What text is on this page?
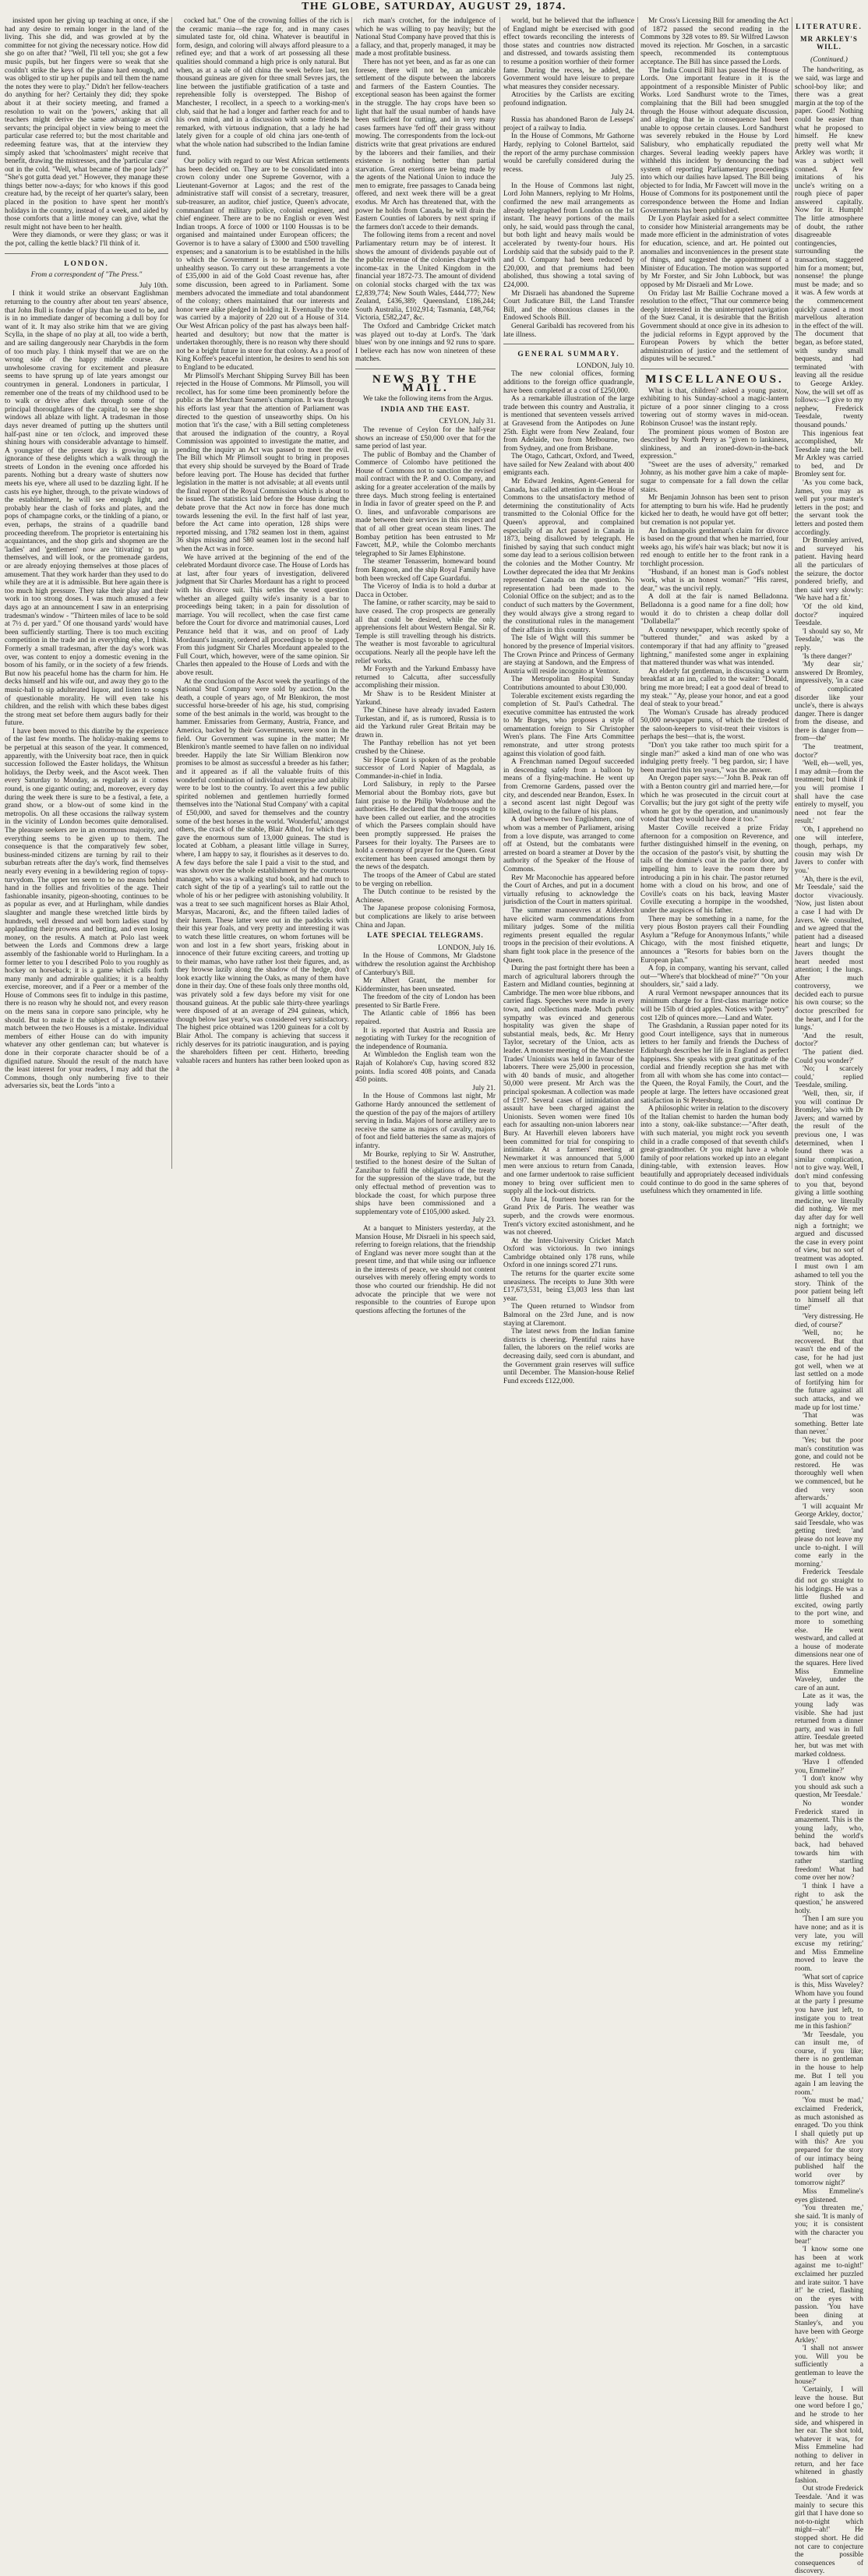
THE GLOBE, SATURDAY, AUGUST 29, 1874.

insisted upon her giving up teaching at once, if she had any desire to remain longer in the land of the living. This she did, and was growled at by the committee for not giving the necessary notice. How did she go on after that? "Well, I'll tell you; she got a few music pupils, but her fingers were so weak that she couldn't strike the keys of the piano hard enough, and was obliged to stir up her pupils and tell them the name the notes they were to play." Didn't her fellow-teachers do anything for her? Certainly they did; they spoke about it at their society meeting, and framed a resolution to wait on the 'powers,' asking that all teachers might derive the same advantage as civil servants; the principal object in view being to meet the particular case referred to; but the most charitable and redeeming feature was, that at the interview they simply asked that 'schoolmasters' might receive that benefit, drawing the mistresses, and the 'particular case' out in the cold. "Well, what became of the poor lady?" "She's got gutta dead yet." However, they manage these things better now-a-days; for who knows if this good creature had, by the receipt of her quarter's salary, been placed in the position to have spent her month's holidays in the country, instead of a week, and aided by those comforts that a little money can give, what the result might not have been to her health.

Were they diamonds, or were they glass; or was it the pot, calling the kettle black? I'll think of it.

LONDON.

From a correspondent of "The Press."

July 10th.

I think it would strike an observant Englishman returning to the country after about ten years' absence, that John Bull is fonder of play than he used to be, and is in no immediate danger of becoming a dull boy for want of it. It may also strike him that we are giving Scylla, in the shape of no play at all, too wide a berth, and are sailing dangerously near Charybdis in the form of too much play. I think myself that we are on the wrong side of the happy middle course. An unwholesome craving for excitement and pleasure seems to have sprung up of late years amongst our countrymen in general. Londoners in particular, I remember one of the treats of my childhood used to be to walk or drive after dark through some of the principal thoroughfares of the capital, to see the shop windows all ablaze with light. A tradesman in those days never dreamed of putting up the shutters until half-past nine or ten o'clock, and improved these shining hours with considerable advantage to himself. A youngster of the present day is growing up in ignorance of these delights which a walk through the streets of London in the evening once afforded his parents. Nothing but a dreary waste of shutters now meets his eye, where all used to be dazzling light. If he casts his eye higher, through, to the private windows of the establishment, he will see enough light, and probably hear the clash of forks and plates, and the pops of champagne corks, or the tinkling of a piano, or even, perhaps, the strains of a quadrille band proceeding therefrom. The proprietor is entertaining his acquaintances, and the shop girls and shopmen are the 'ladies' and 'gentlemen' now are 'titivating' to put themselves, and will look, or the promenade gardens, or are already enjoying themselves at those places of amusement. That they work harder than they used to do while they are at it is admissible. But here again there is too much high pressure. They take their play and their work in too strong doses. I was much amused a few days ago at an announcement I saw in an enterprising tradesman's window - "Thirteen miles of lace to be sold at 7½ d. per yard." Of one thousand yards' would have been sufficiently startling. There is too much exciting competition in the trade and in everything else, I think. Formerly a small tradesman, after the day's work was over, was content to enjoy a domestic evening in the bosom of his family, or in the society of a few friends. But now his peaceful home has the charm for him. He decks himself and his wife out, and away they go to the music-hall to sip adulterated liquor, and listen to songs of questionable morality. He will even take his children, and the relish with which these babes digest the strong meat set before them augurs badly for their future.

I have been moved to this diatribe by the experience of the last few months. The holiday-making seems to be perpetual at this season of the year. It commenced, apparently, with the University boat race, then in quick succession followed the Easter holidays, the Whitsun holidays, the Derby week, and the Ascot week. Then every Saturday to Monday, as regularly as it comes round, is one gigantic outing; and, moreover, every day during the week there is sure to be a festival, a fete, a grand show, or a blow-out of some kind in the metropolis. On all these occasions the railway system in the vicinity of London becomes quite demoralised. The pleasure seekers are in an enormous majority, and everything seems to be given up to them. The consequence is that the comparatively few sober, business-minded citizens are turning by rail to their suburban retreats after the day's work, find themselves nearly every evening in a bewildering region of topsy-turvydom. The upper ten seem to be no means behind hand in the follies and frivolities of the age. Their fashionable insanity, pigeon-shooting, continues to be as popular as ever, and at Hurlingham, while dandies slaughter and mangle these wretched little birds by hundreds, well dressed and well born ladies stand by applauding their prowess and betting, and even losing money, on the results. A match at Polo last week between the Lords and Commons drew a large assembly of the fashionable world to Hurlingham. In a former letter to you I described Polo to you roughly as hockey on horseback; it is a game which calls forth many manly and admirable qualities; it is a healthy exercise, moreover, and if a Peer or a member of the House of Commons sees fit to indulge in this pastime, there is no reason why he should not, and every reason on the mens sana in corpore sano principle, why he should. But to make it the subject of a representative match between the two Houses is a mistake. Individual members of either House can do with impunity whatever any other gentleman can; but whatever is done in their corporate character should be of a dignified nature. Should the result of the match have the least interest for your readers, I may add that the Commons, though only numbering five to their adversaries six, beat the Lords "into a

cocked hat." One of the crowning follies of the rich is the ceramic mania—the rage for, and in many cases simulated taste for, old china. Whatever is beautiful in form, design, and coloring will always afford pleasure to a refined eye; and that a work of art possessing all these qualities should command a high price is only natural. But when, as at a sale of old china the week before last, ten thousand guineas are given for three small Sevres jars, the line between the justifiable gratification of a taste and reprehensible folly is overstepped. The Bishop of Manchester, I recollect, in a speech to a working-men's club, said that he had a longer and farther reach for and to his own mind, and in a discussion with some friends he remarked, with virtuous indignation, that a lady he had lately given for a couple of old china jars one-tenth of what the whole nation had subscribed to the Indian famine fund.

Our policy with regard to our West African settlements has been decided on. They are to be consolidated into a crown colony under one Supreme Governor, with a Lieutenant-Governor at Lagos; and the rest of the administrative staff will consist of a secretary, treasurer, sub-treasurer, an auditor, chief justice, Queen's advocate, commandant of military police, colonial engineer, and chief engineer. There are to be no English or even West Indian troops. A force of 1000 or 1100 Houssas is to be organised and maintained under European officers; the Governor is to have a salary of £3000 and £500 travelling expenses; and a sanatorium is to be established in the hills to which the Government is to be transferred in the unhealthy season. To carry out these arrangements a vote of £35,000 in aid of the Gold Coast revenue has, after some discussion, been agreed to in Parliament. Some members advocated the immediate and total abandonment of the colony; others maintained that our interests and honor were alike pledged in holding it. Eventually the vote was carried by a majority of 220 out of a House of 314. Our West African policy of the past has always been half-hearted and desultory; but now that the matter is undertaken thoroughly, there is no reason why there should not be a bright future in store for that colony. As a proof of King Koffee's peaceful intention, he desires to send his son to England to be educated.

Mr Plimsoll's Merchant Shipping Survey Bill has been rejected in the House of Commons. Mr Plimsoll, you will recollect, has for some time been prominently before the public as the Merchant Seamen's champion. It was through his efforts last year that the attention of Parliament was directed to the question of unseaworthy ships. On his motion that 'it's the case,' with a Bill setting completeness that aroused the indignation of the country, a Royal Commission was appointed to investigate the matter, and pending the inquiry an Act was passed to meet the evil. The Bill which Mr Plimsoll sought to bring in proposes that every ship should be surveyed by the Board of Trade before leaving port. The House has decided that further legislation in the matter is not advisable; at all events until the final report of the Royal Commission which is about to be issued. The statistics laid before the House during the debate prove that the Act now in force has done much towards lessening the evil. In the first half of last year, before the Act came into operation, 128 ships were reported missing, and 1782 seamen lost in them, against 36 ships missing and 580 seamen lost in the second half when the Act was in force.

We have arrived at the beginning of the end of the celebrated Mordaunt divorce case. The House of Lords has at last, after four years of investigation, delivered judgment that Sir Charles Mordaunt has a right to proceed with his divorce suit. This settles the vexed question whether an alleged guilty wife's insanity is a bar to proceedings being taken; in a pain for dissolution of marriage. You will recollect, when the case first came before the Court for divorce and matrimonial causes, Lord Penzance held that it was, and on proof of Lady Mordaunt's insanity, ordered all proceedings to be stopped. From this judgment Sir Charles Mordaunt appealed to the Full Court, which, however, were of the same opinion. Sir Charles then appealed to the House of Lords and with the above result.

At the conclusion of the Ascot week the yearlings of the National Stud Company were sold by auction. On the death, a couple of years ago, of Mr Blenkiron, the most successful horse-breeder of his age, his stud, comprising some of the best animals in the world, was brought to the hammer. Emissaries from Germany, Austria, France, and America, backed by their Governments, were soon in the field. Our Government was supine in the matter; Mr Blenkiron's mantle seemed to have fallen on no individual breeder. Happily the late Sir William Blenkiron now promises to be almost as successful a breeder as his father; and it appeared as if all the valuable fruits of this wonderful combination of individual enterprise and ability were to be lost to the country. To avert this a few public spirited noblemen and gentlemen hurriedly formed themselves into the 'National Stud Company' with a capital of £50,000, and saved for themselves and the country some of the best horses in the world. 'Wonderful,' amongst others, the crack of the stable, Blair Athol, for which they gave the enormous sum of 13,000 guineas. The stud is located at Cobham, a pleasant little village in Surrey, where, I am happy to say, it flourishes as it deserves to do. A few days before the sale I paid a visit to the stud, and was shown over the whole establishment by the courteous manager, who was a walking stud book, and had much to catch sight of the tip of a yearling's tail to rattle out the whole of his or her pedigree with astonishing volubility. It was a treat to see such magnificent horses as Blair Athol, Marsyas, Macaroni, &c, and the fifteen tailed ladies of their harem. These latter were out in the paddocks with their this year foals, and very pretty and interesting it was to watch these little creatures, on whom fortunes will be won and lost in a few short years, frisking about in innocence of their future exciting careers, and trotting up to their mamas, who have rather lost their figures, and, as they browse lazily along the shadow of the hedge, don't look exactly like winning the Oaks, as many of them have done in their day. One of these foals only three months old, was privately sold a few days before my visit for one thousand guineas. At the public sale thirty-three yearlings were disposed of at an average of 294 guineas, which, though below last year's, was considered very satisfactory. The highest price obtained was 1200 guineas for a colt by Blair Athol. The company is achieving that success it richly deserves for its patriotic inauguration, and is paying the shareholders fifteen per cent. Hitherto, breeding valuable racers and hunters has rather been looked upon as a

rich man's crotchet, for the indulgence of which he was willing to pay heavily; but the National Stud Company have proved that this is a fallacy, and that, properly managed, it may be made a most profitable business.

There has not yet been, and as far as one can foresee, there will not be, an amicable settlement of the dispute between the laborers and farmers of the Eastern Counties. The exceptional season has been against the former in the struggle. The hay crops have been so light that half the usual number of hands have been sufficient for cutting, and in very many cases farmers have 'fed off' their grass without mowing. The correspondents from the lock-out districts write that great privations are endured by the laborers and their families, and their existence is nothing better than partial starvation. Great exertions are being made by the agents of the National Union to induce the men to emigrate, free passages to Canada being offered, and next week there will be a great exodus. Mr Arch has threatened that, with the power he holds from Canada, he will drain the Eastern Counties of laborers by next spring if the farmers don't accede to their demands.

The following items from a recent and novel Parliamentary return may be of interest. It shows the amount of dividends payable out of the public revenue of the colonies charged with income-tax in the United Kingdom in the financial year 1872-73. The amount of dividend on colonial stocks charged with the tax was £2,839,774; New South Wales, £444,777; New Zealand, £436,389; Queensland, £186,244; South Australia, £102,914; Tasmania, £48,764; Victoria, £582,247, &c.

The Oxford and Cambridge Cricket match was played out to-day at Lord's. The 'dark blues' won by one innings and 92 runs to spare. I believe each has now won nineteen of these matches.

NEWS BY THE MAIL.

We take the following items from the Argus.

INDIA AND THE EAST.

CEYLON, July 31.

The revenue of Ceylon for the half-year shows an increase of £50,000 over that for the same period of last year.

The public of Bombay and the Chamber of Commerce of Colombo have petitioned the House of Commons not to sanction the revised mail contract with the P. and O. Company, and asking for a greater acceleration of the mails by three days. Much strong feeling is entertained in India in favor of greater speed on the P. and O. lines, and unfavorable comparisons are made between their services in this respect and that of all other great ocean steam lines. The Bombay petition has been entrusted to Mr Fawcett, M.P., while the Colombo merchants telegraphed to Sir James Elphinstone.

The steamer Tenasserim, homeward bound from Rangoon, and the ship Royal Family have both been wrecked off Cape Guardafui.

The Viceroy of India is to hold a durbar at Dacca in October.

The famine, or rather scarcity, may be said to have ceased. The crop prospects are generally all that could be desired, while the only apprehensions felt about Western Bengal. Sir R. Temple is still travelling through his districts. The weather is most favorable to agricultural occupations. Nearly all the people have left the relief works.

Mr Forsyth and the Yarkund Embassy have returned to Calcutta, after successfully accomplishing their mission.

Mr Shaw is to be Resident Minister at Yarkund.

The Chinese have already invaded Eastern Turkestan, and if, as is rumored, Russia is to aid the Yarkund ruler Great Britain may be drawn in.

The Panthay rebellion has not yet been crushed by the Chinese.

Sir Hope Grant is spoken of as the probable successor of Lord Napier of Magdala, as Commander-in-chief in India.

Lord Salisbury, in reply to the Parsee Memorial about the Bombay riots, gave but faint praise to the Philip Wodehouse and the authorities. He declared that the troops ought to have been called out earlier, and the atrocities of which the Parsees complain should have been promptly suppressed. He praises the Parsees for their loyalty. The Parsees are to hold a ceremony of prayer for the Queen. Great excitement has been caused amongst them by the news of the despatch.

The troops of the Ameer of Cabul are stated to be verging on rebellion.

The Dutch continue to be resisted by the Achinese.

The Japanese propose colonising Formosa, but complications are likely to arise between China and Japan.

LATE SPECIAL TELEGRAMS.

LONDON, July 16.

In the House of Commons, Mr Gladstone withdrew the resolution against the Archbishop of Canterbury's Bill.

Mr Albert Grant, the member for Kidderminster, has been unseated.

The freedom of the city of London has been presented to Sir Bartle Frere.

The Atlantic cable of 1866 has been repaired.

It is reported that Austria and Russia are negotiating with Turkey for the recognition of the independence of Roumania.

At Wimbledon the English team won the Rajah of Kolahore's Cup, having scored 832 points. India scored 408 points, and Canada 450 points.

July 21.

In the House of Commons last night, Mr Gathorne Hardy announced the settlement of the question of the pay of the majors of artillery serving in India. Majors of horse artillery are to receive the same as majors of cavalry, majors of foot and field batteries the same as majors of infantry.

Mr Bourke, replying to Sir W. Anstruther, testified to the honest desire of the Sultan of Zanzibar to fulfil the obligations of the treaty for the suppression of the slave trade, but the only effectual method of prevention was to blockade the coast, for which purpose three ships have been commissioned and a supplementary vote of £105,000 asked.

July 23.

At a banquet to Ministers yesterday, at the Mansion House, Mr Disraeli in his speech said, referring to foreign relations, that the friendship of England was never more sought than at the present time, and that while using our influence in the interests of peace, we should not content ourselves with merely offering empty words to those who courted our friendship. He did not advocate the principle that we were not responsible to the countries of Europe upon questions affecting the fortunes of the

world, but he believed that the influence of England might be exercised with good effect towards reconciling the interests of those states and countries now distracted and distressed, and towards assisting them to resume a position worthier of their former fame. During the recess, he added, the Government would have leisure to prepare what measures they consider necessary.

Atrocities by the Carlists are exciting profound indignation.

July 24.

Russia has abandoned Baron de Lesseps' project of a railway to India.

In the House of Commons, Mr Gathorne Hardy, replying to Colonel Barttelot, said the report of the army purchase commission would be carefully considered during the recess.

July 25.

In the House of Commons last night, Lord John Manners, replying to Mr Holms, confirmed the new mail arrangements as already telegraphed from London on the 1st instant. The heavy portions of the mails only, he said, would pass through the canal, but both light and heavy mails would be accelerated by twenty-four hours. His Lordship said that the subsidy paid to the P. and O. Company had been reduced by £20,000, and that premiums had been abolished, thus showing a total saving of £24,000.

Mr Disraeli has abandoned the Supreme Court Judicature Bill, the Land Transfer Bill, and the obnoxious clauses in the Endowed Schools Bill.

General Garibaldi has recovered from his late illness.

GENERAL SUMMARY.

LONDON, July 10.

The new colonial offices, forming additions to the foreign office quadrangle, have been completed at a cost of £250,000.

As a remarkable illustration of the large trade between this country and Australia, it is mentioned that seventeen vessels arrived at Gravesend from the Antipodes on June 25th. Eight were from New Zealand, four from Adelaide, two from Melbourne, two from Sydney, and one from Brisbane.

The Otago, Cathcart, Oxford, and Tweed, have sailed for New Zealand with about 400 emigrants each.

Mr Edward Jenkins, Agent-General for Canada, has called attention in the House of Commons to the unsatisfactory method of determining the constitutionality of Acts transmitted to the Colonial Office for the Queen's approval, and complained especially of an Act passed in Canada in 1873, being disallowed by telegraph. He finished by saying that such conduct might some day lead to a serious collision between the colonies and the Mother Country. Mr Lowther deprecated the idea that Mr Jenkins represented Canada on the question. No representation had been made to the Colonial Office on the subject; and as to the conduct of such matters by the Government, they would always give a strong regard to the constitutional rules in the management of their affairs in this country.

The Isle of Wight will this summer be honored by the presence of Imperial visitors. The Crown Prince and Princess of Germany are staying at Sandown, and the Empress of Austria will reside incognito at Ventnor.

The Metropolitan Hospital Sunday Contributions amounted to about £30,000.

Tolerable excitement exists regarding the completion of St. Paul's Cathedral. The executive committee has entrusted the work to Mr Burges, who proposes a style of ornamentation foreign to Sir Christopher Wren's plans. The Fine Arts Committee remonstrate, and utter strong protests against this violation of good faith.

A Frenchman named Degouf succeeded in descending safely from a balloon by means of a flying-machine. He went up from Cremorne Gardens, passed over the city, and descended near Brandon, Essex. In a second ascent last night Degouf was killed, owing to the failure of his plans.

A duel between two Englishmen, one of whom was a member of Parliament, arising from a love dispute, was arranged to come off at Ostend, but the combatants were arrested on board a steamer at Dover by the authority of the Speaker of the House of Commons.

Rev Mr Maconochie has appeared before the Court of Arches, and put in a document virtually refusing to acknowledge the jurisdiction of the Court in matters spiritual.

The summer manoeuvres at Aldershot have elicited warm commendations from military judges. Some of the militia regiments present equalled the regular troops in the precision of their evolutions. A sham fight took place in the presence of the Queen.

During the past fortnight there has been a march of agricultural laborers through the Eastern and Midland counties, beginning at Cambridge. The men wore blue ribbons, and carried flags. Speeches were made in every town, and collections made. Much public sympathy was evinced and generous hospitality was given the shape of substantial meals, beds, &c. Mr Henry Taylor, secretary of the Union, acts as leader. A monster meeting of the Manchester Trades' Unionists was held in favour of the laborers. There were 25,000 in procession, with 40 bands of music, and altogether 50,000 were present. Mr Arch was the principal spokesman. A collection was made of £197. Several cases of intimidation and assault have been charged against the Unionists. Seven women were fined 10s each for assaulting non-union laborers near Bury. At Haverhill eleven laborers have been committed for trial for conspiring to intimidate. At a farmers' meeting at Newmarket it was announced that 5,000 men were anxious to return from Canada, and one farmer undertook to raise sufficient money to bring over sufficient men to supply all the lock-out districts.

On June 14, fourteen horses ran for the Grand Prix de Paris. The weather was superb, and the crowds were enormous. Trent's victory excited astonishment, and he was not cheered.

At the Inter-University Cricket Match Oxford was victorious. In two innings Cambridge obtained only 178 runs, while Oxford in one innings scored 271 runs.

The returns for the quarter excite some uneasiness. The receipts to June 30th were £17,673,531, being £3,003 less than last year.

The Queen returned to Windsor from Balmoral on the 23rd June, and is now staying at Claremont.

The latest news from the Indian famine districts is cheering. Plentiful rains have fallen, the laborers on the relief works are decreasing daily, seed corn is abundant, and the Government grain reserves will suffice until December. The Mansion-house Relief Fund exceeds £122,000.

Mr Cross's Licensing Bill for amending the Act of 1872 passed the second reading in the Commons by 328 votes to 89. Sir Wilfred Lawson moved its rejection. Mr Goschen, in a sarcastic speech, recommended its contemptuous acceptance. The Bill has since passed the Lords.

The India Council Bill has passed the House of Lords. One important feature in it is the appointment of a responsible Minister of Public Works. Lord Sandhurst wrote to the Times, complaining that the Bill had been smuggled through the House without adequate discussion, and alleging that he in consequence had been unable to oppose certain clauses. Lord Sandhurst was severely rebuked in the House by Lord Salisbury, who emphatically repudiated the charges. Several leading weekly papers have withheld this incident by denouncing the bad system of reporting Parliamentary proceedings into which our dailies have lapsed. The Bill being objected to for India, Mr Fawcett will move in the House of Commons for its postponement until the correspondence between the Home and Indian Governments has been published.

Dr Lyon Playfair asked for a select committee to consider how Ministerial arrangements may be made more efficient in the administration of votes for education, science, and art. He pointed out anomalies and inconveniences in the present state of things, and suggested the appointment of a Minister of Education. The motion was supported by Mr Forster, and Sir John Lubbock, but was opposed by Mr Disraeli and Mr Lowe.

On Friday last Mr Baillie Cochrane moved a resolution to the effect, "That our commerce being deeply interested in the uninterrupted navigation of the Suez Canal, it is desirable that the British Government should at once give in its adhesion to the judicial reforms in Egypt approved by the European Powers by which the better administration of justice and the settlement of disputes will be secured."

MISCELLANEOUS.

What is that, children? asked a young pastor, exhibiting to his Sunday-school a magic-lantern picture of a poor sinner clinging to a cross towering out of stormy waves in mid-ocean. Robinson Crusoe! was the instant reply.

The prominent pious women of Boston are described by North Perry as "given to lankiness, slinkiness, and an ironed-down-in-the-back expression."

"Sweet are the uses of adversity," remarked Johnny, as his mother gave him a cake of maple-sugar to compensate for a fall down the cellar stairs.

Mr Benjamin Johnson has been sent to prison for attempting to burn his wife. Had he prudently kicked her to death, he would have got off better; but cremation is not popular yet.

An Indianapolis gentleman's claim for divorce is based on the ground that when he married, four weeks ago, his wife's hair was black; but now it is red enough to entitle her to the front rank in a torchlight procession.

"Husband, if an honest man is God's noblest work, what is an honest woman?" "His rarest, dear," was the uncivil reply.

A doll at the fair is named Belladonna. Belladonna is a good name for a fine doll; how would it do to christen a cheap dollar doll "Dollabella?"

A country newspaper, which recently spoke of "buttered thunder," and was asked by a contemporary if that had any affinity to "greased lightning," manifested some anger in explaining that mattered thunder was what was intended.

An elderly fat gentleman, in discussing a warm breakfast at an inn, called to the waiter: "Donald, bring me more bread; I eat a good deal of bread to my steak." "Ay, please your honor, and eat a good deal of steak to your bread."

The Woman's Crusade has already produced 50,000 newspaper puns, of which the tiredest of the saloon-keepers to visit-treat their visitors is perhaps the best—that is, the worst.

"Don't you take rather too much spirit for a single man?" asked a kind man of one who was indulging pretty freely. "I beg pardon, sir; I have been married this ten years," was the answer.

An Oregon paper says:—"John B. Peak ran off with a Benton country girl and married here,—for which he was prosecuted in the circuit court at Corvallis; but the jury got sight of the pretty wife whom he got by the operation, and unanimously voted that they would have done it too."

Master Coville received a prize Friday afternoon for a composition on Reverence, and further distinguished himself in the evening, on the occasion of the pastor's visit, by shutting the tails of the domine's coat in the parlor door, and impelling him to leave the room there by introducing a pin in his chair. The pastor returned home with a cloud on his brow, and one of Coville's coats on his back, leaving Master Coville executing a hornpipe in the woodshed, under the auspices of his father.

There may be something in a name, for the very pious Boston prayers call their Foundling Asylum a "Refuge for Anonymous Infants," while Chicago, with the most finished etiquette, announces a "Resorts for babies born on the European plan."

A fop, in company, wanting his servant, called out—"Where's that blockhead of mine?" "On your shoulders, sir," said a lady.

A rural Vermont newspaper announces that its minimum charge for a first-class marriage notice will be 15lb of dried apples. Notices with "poetry" cost 12lb of quinces more.—Land and Water.

The Grashdanin, a Russian paper noted for its good Court intelligence, says that in numerous letters to her family and friends the Duchess of Edinburgh describes her life in England as perfect happiness. She speaks with great gratitude of the cordial and friendly reception she has met with from all with whom she has come into contact—the Queen, the Royal Family, the Court, and the people at large. The letters have occasioned great satisfaction in St Petersburg.

A philosophic writer in relation to the discovery of the Italian chemist to harden the human body into a stony, oak-like substance:—"After death, with such material, you might rock you seventh child in a cradle composed of that seventh child's great-grandmother. Or you might have a whole family of poor relations worked up into an elegant dining-table, with extension leaves. How beautifully and appropriately deceased individuals could continue to do good in the same spheres of usefulness which they ornamented in life.

LITERATURE.
MR ARKLEY'S WILL.

(Continued.)

The handwriting, as we said, was large and school-boy like; and there was a great margin at the top of the paper. Good! Nothing could be easier than what he proposed to himself. He knew pretty well what Mr Arkley was worth; it was a subject well conned. A few imitations of his uncle's writing on a rough piece of paper answered capitally. Now for it. Humph! The little atmosphere of doubt, the rather disagreeable contingencies, surrounding the transaction, staggered him for a moment; but, nonsense! the plunge must be made; and so it was. A few words at the commencement quickly caused a most marvellous alteration in the effect of the will. The document that began, as before stated, with sundry small bequests, and had terminated 'with leaving all the residue to George Arkley. Now, the will set off as follows:—'I give to my nephew, Frederick Teesdale, twenty thousand pounds.'

This ingenious feat accomplished, Mr Teesdale rang the bell. Mr Arkley was carried to bed, and Dr Bromley sent for.

'As you come back, James, you may as well put your master's letters in the post; and the servant took the letters and posted them accordingly.

Dr Bromley arrived, and surveyed his patient. Having heard all the particulars of the seizure, the doctor pondered briefly, and then said very slowly: 'We have had a fit.'

'Of the old kind, doctor?' inquired Teesdale.

'I should say so, Mr Teesdale,' was the reply.

'Is there danger?'

'My dear sir,' answered Dr Bromley, impressively, 'in a case of complicated disorder like your uncle's, there is always danger. There is danger from the disease, and there is danger from—from—the'

'The treatment, doctor?'

'Well, eh—well, yes, I may admit—from the treatment; but I think if you will promise I shall have the case entirely to myself, you need not fear the result.'

'Oh, I apprehend no one will interfere, though, perhaps, my cousin may wish Dr Javers to confer with you.'

'Ah, there is the evil, Mr Teesdale,' said the doctor vivaciously. 'Now, just listen about a case I had with Dr Javers. We consulted, and we agreed that the patient had a diseased heart and lungs; Dr Javers thought the heart needed most attention; I the lungs. After much controversy, we decided each to pursue his own course; so the doctor prescribed for the heart, and I for the lungs.'

'And the result, doctor?'

'The patient died. Could you wonder?'

'No; I scarcely could,' replied Teesdale, smiling.

'Well, then, sir, if you will continue Dr Bromley, 'also with Dr Javers; and warned by the result of the previous one, I was determined, when I found there was a similar complication, not to give way. Well, I don't mind confessing to you that, beyond giving a little soothing medicine, we literally did nothing. We met day after day for well nigh a fortnight; we argued and discussed the case in every point of view, but no sort of treatment was adopted. I must own I am ashamed to tell you the story. Think of the poor patient being left to himself all that time!'

'Very distressing. He died, of course?'

'Well, no; he recovered. But that wasn't the end of the case, for he had just got well, when we at last settled on a mode of fortifying him for the future against all such attacks, and we made up for lost time.'

'That was something. Better late than never.'

'Yes; but the poor man's constitution was gone, and could not be restored. He was thoroughly well when we commenced, but he died very soon afterwards.'

'I will acquaint Mr George Arkley, doctor,' said Teesdale, who was getting tired; 'and please do not leave my uncle to-night. I will come early in the morning.'

Frederick Teesdale did not go straight to his lodgings. He was a little flushed and excited, owing partly to the port wine, and more to something else. He went westward, and called at a house of moderate dimensions near one of the squares. Here lived Miss Emmeline Waveley, under the care of an aunt.

Late as it was, the young lady was visible. She had just returned from a dinner party, and was in full attire. Teesdale greeted her, but was met with marked coldness.

'Have I offended you, Emmeline?'

'I don't know why you should ask such a question, Mr Teesdale.'

No wonder Frederick stared in amazement. This is the young lady, who, behind the world's back, had behaved towards him with rather startling freedom! What had come over her now?

'I think I have a right to ask the question,' he answered hotly.

'Then I am sure you have none; and as it is very late, you will excuse my retiring;' and Miss Emmeline moved to leave the room.

'What sort of caprice is this, Miss Waveley? Whom have you found at the party I presume you have just left, to instigate you to treat me in this fashion?'

'Mr Teesdale, you can insult me, of course, if you like; there is no gentleman in the house to help me. But I tell you again I am leaving the room.'

'You must be mad,' exclaimed Frederick, as much astonished as enraged. 'Do you think I shall quietly put up with this? Are you prepared for the story of our intimacy being published half the world over by tomorrow night?'

Miss Emmeline's eyes glistened.

'You threaten me,' she said. 'It is manly of you; it is consistent with the character you bear!'

'I know some one has been at work against me to-night!' exclaimed her puzzled and irate suitor. 'I have it!' he cried, flashing on the eyes with passion. 'You have been dining at Stanley's, and you have been with George Arkley.'

'I shall not answer you. Will you be sufficiently a gentleman to leave the house?'

'Certainly, I will leave the house. But one word before I go,' and he strode to her side, and whispered in her ear. The shot told, whatever it was, for Miss Emmeline had nothing to deliver in return, and her face whitened in ghastly fashion.

Out strode Frederick Teesdale. 'And it was mainly to secure this girl that I have done so not-to-night which might—ah!' He stopped short. He did not care to conjecture the possible consequences of discovery.
